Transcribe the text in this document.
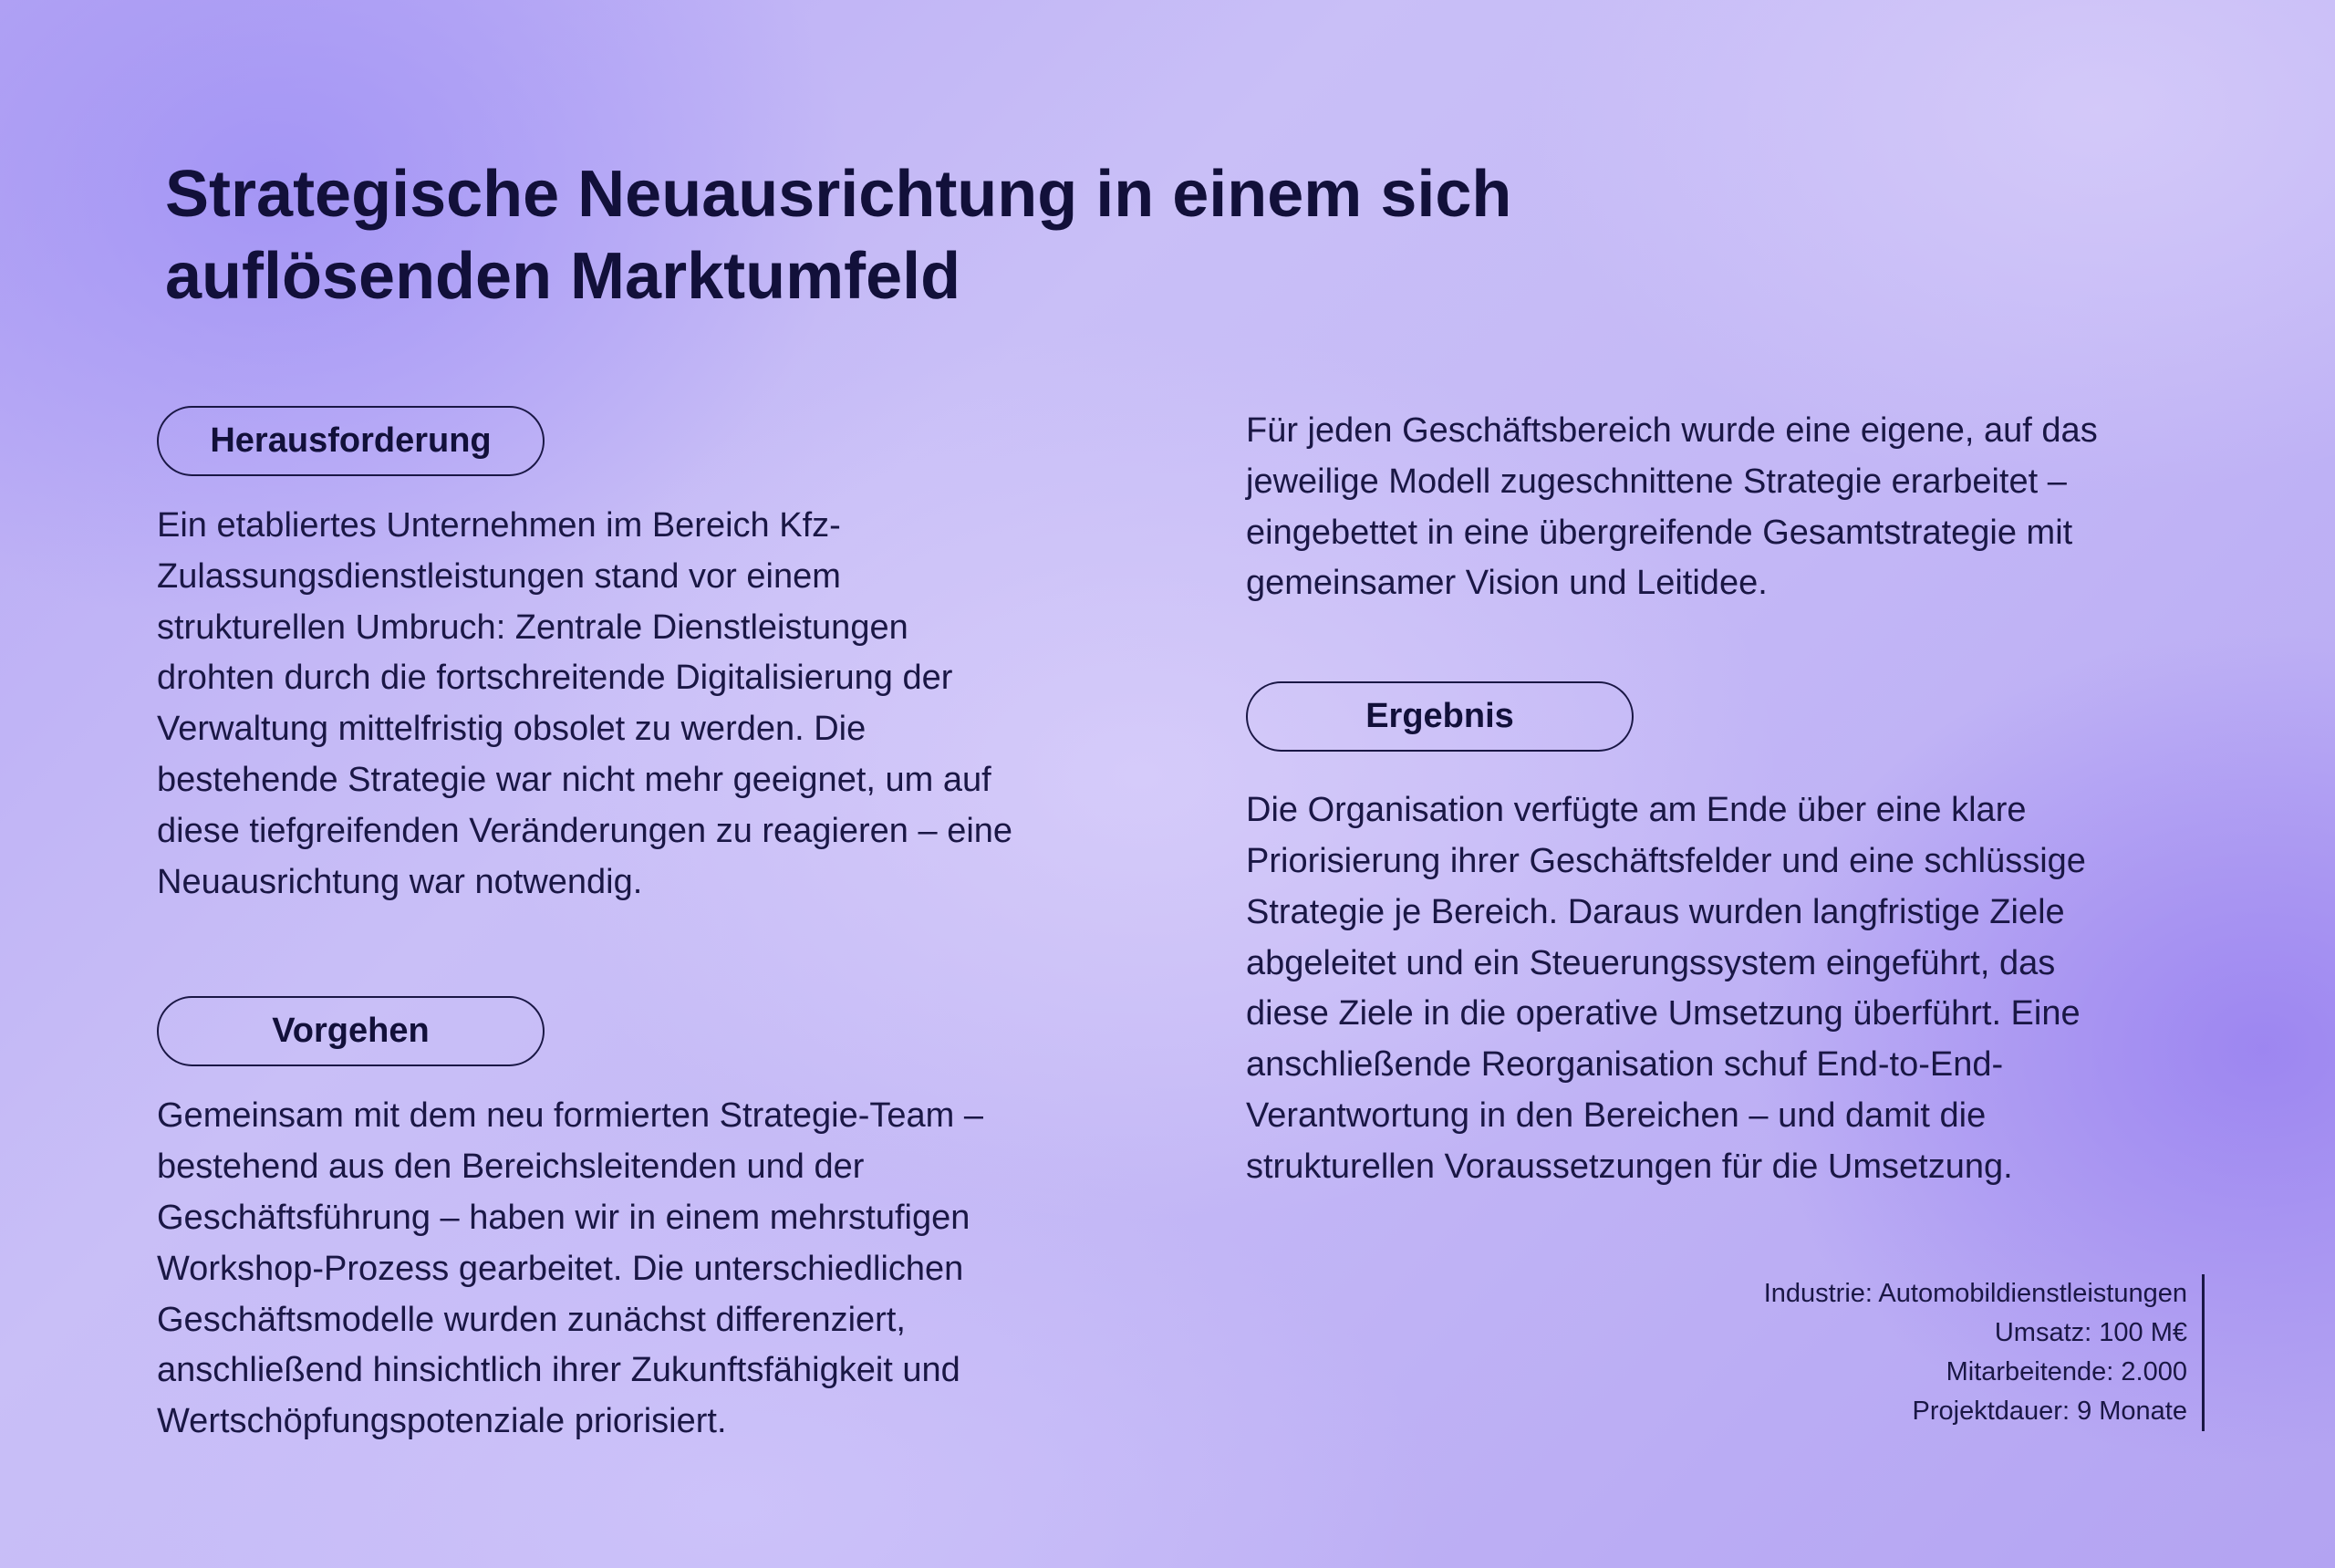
Strategische Neuausrichtung in einem sich
auflösenden Marktumfeld
Herausforderung

Ein etabliertes Unternehmen im Bereich Kfz-
Zulassungsdienstleistungen stand vor einem
strukturellen Umbruch: Zentrale Dienstleistungen
drohten durch die fortschreitende Digitalisierung der
Verwaltung mittelfristig obsolet zu werden. Die
bestehende Strategie war nicht mehr geeignet, um auf
diese tiefgreifenden Veränderungen zu reagieren – eine
Neuausrichtung war notwendig.

Vorgehen

Gemeinsam mit dem neu formierten Strategie-Team –
bestehend aus den Bereichsleitenden und der
Geschäftsführung – haben wir in einem mehrstufigen
Workshop-Prozess gearbeitet. Die unterschiedlichen
Geschäftsmodelle wurden zunächst differenziert,
anschließend hinsichtlich ihrer Zukunftsfähigkeit und
Wertschöpfungspotenziale priorisiert.

Für jeden Geschäftsbereich wurde eine eigene, auf das
jeweilige Modell zugeschnittene Strategie erarbeitet –
eingebettet in eine übergreifende Gesamtstrategie mit
gemeinsamer Vision und Leitidee.

Ergebnis

Die Organisation verfügte am Ende über eine klare
Priorisierung ihrer Geschäftsfelder und eine schlüssige
Strategie je Bereich. Daraus wurden langfristige Ziele
abgeleitet und ein Steuerungssystem eingeführt, das
diese Ziele in die operative Umsetzung überführt. Eine
anschließende Reorganisation schuf End-to-End-
Verantwortung in den Bereichen – und damit die
strukturellen Voraussetzungen für die Umsetzung.

Industrie: Automobildienstleistungen
Umsatz: 100 M€
Mitarbeitende: 2.000
Projektdauer: 9 Monate
